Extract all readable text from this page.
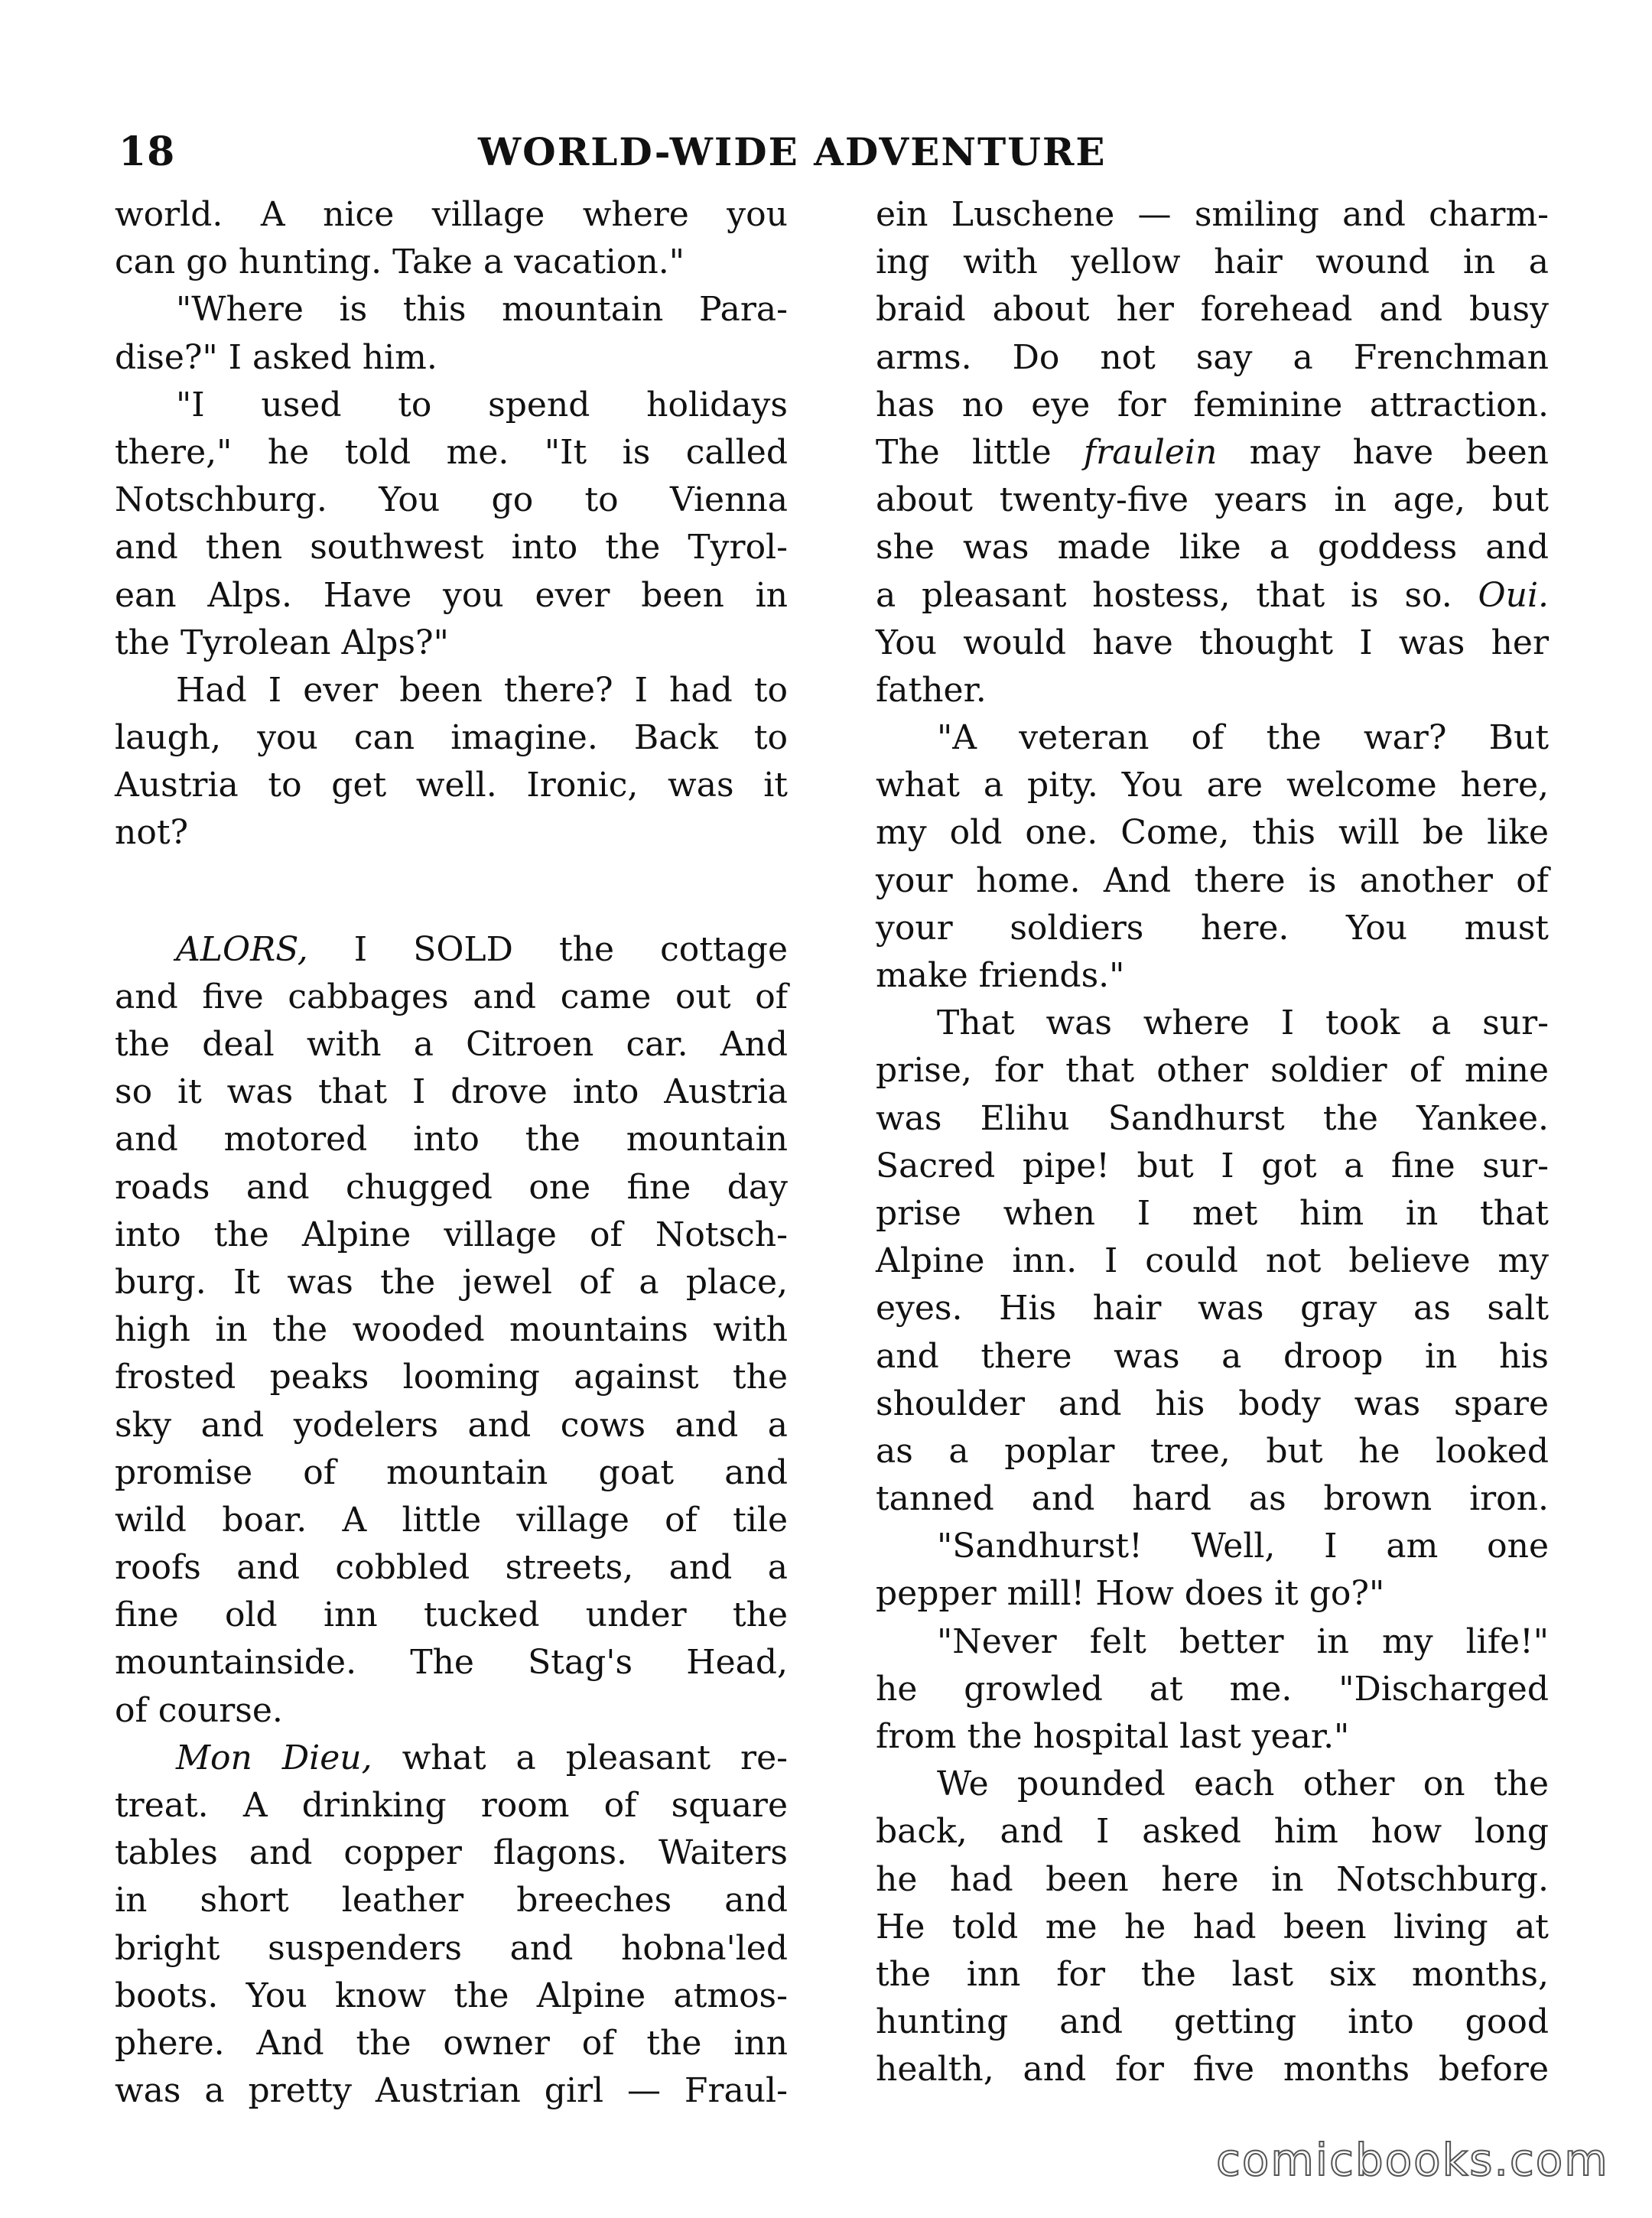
18	WORLD-WIDE ADVENTURE
world. A nice village where you
can go hunting. Take a vacation."
"Where is this mountain Para-
dise?" I asked him.
"I used to spend holidays
there," he told me. "It is called
Notschburg. You go to Vienna
and then southwest into the Tyrol-
ean Alps. Have you ever been in
the Tyrolean Alps?"
Had I ever been there? I had to
laugh, you can imagine. Back to
Austria to get well. Ironic, was it
not?
ALORS, I SOLD the cottage
and five cabbages and came out of
the deal with a Citroen car. And
so it was that I drove into Austria
and motored into the mountain
roads and chugged one fine day
into the Alpine village of Notsch-
burg. It was the jewel of a place,
high in the wooded mountains with
frosted peaks looming against the
sky and yodelers and cows and a
promise of mountain goat and
wild boar. A little village of tile
roofs and cobbled streets, and a
fine old inn tucked under the
mountainside. The Stag's Head,
of course.
Mon Dieu, what a pleasant re-
treat. A drinking room of square
tables and copper flagons. Waiters
in short leather breeches and
bright suspenders and hobna'led
boots. You know the Alpine atmos-
phere. And the owner of the inn
was a pretty Austrian girl — Fraul-
ein Luschene — smiling and charm-
ing with yellow hair wound in a
braid about her forehead and busy
arms. Do not say a Frenchman
has no eye for feminine attraction.
The little fraulein may have been
about twenty-five years in age, but
she was made like a goddess and
a pleasant hostess, that is so. Oui.
You would have thought I was her
father.
"A veteran of the war? But
what a pity. You are welcome here,
my old one. Come, this will be like
your home. And there is another of
your soldiers here. You must
make friends."
That was where I took a sur-
prise, for that other soldier of mine
was Elihu Sandhurst the Yankee.
Sacred pipe! but I got a fine sur-
prise when I met him in that
Alpine inn. I could not believe my
eyes. His hair was gray as salt
and there was a droop in his
shoulder and his body was spare
as a poplar tree, but he looked
tanned and hard as brown iron.
"Sandhurst! Well, I am one
pepper mill! How does it go?"
"Never felt better in my life!"
he growled at me. "Discharged
from the hospital last year."
We pounded each other on the
back, and I asked him how long
he had been here in Notschburg.
He told me he had been living at
the inn for the last six months,
hunting and getting into good
health, and for five months before
comicbooks.com
